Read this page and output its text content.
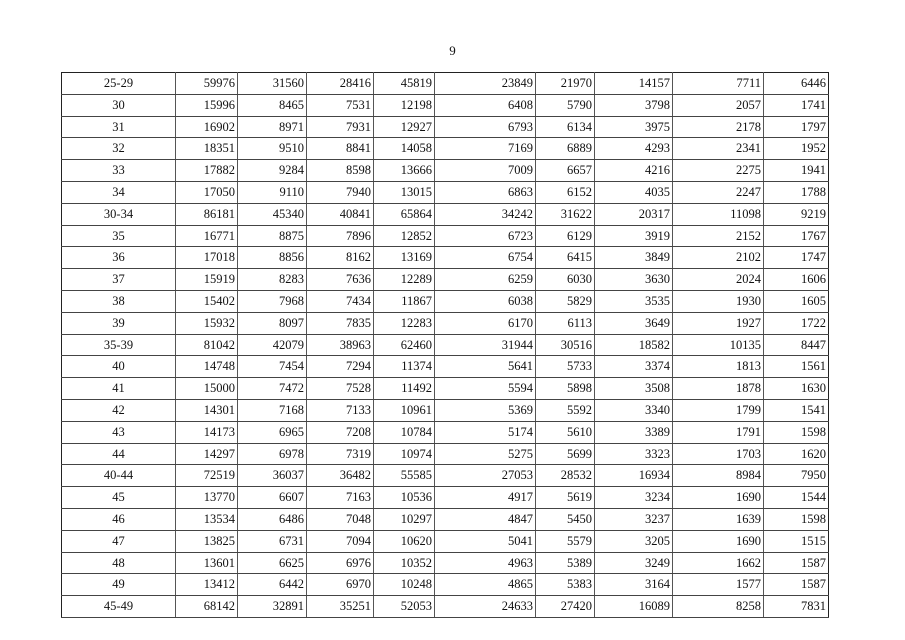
9
25-29	59976	31560	28416	45819	23849	21970	14157	7711	6446
30	15996	8465	7531	12198	6408	5790	3798	2057	1741
31	16902	8971	7931	12927	6793	6134	3975	2178	1797
32	18351	9510	8841	14058	7169	6889	4293	2341	1952
33	17882	9284	8598	13666	7009	6657	4216	2275	1941
34	17050	9110	7940	13015	6863	6152	4035	2247	1788
30-34	86181	45340	40841	65864	34242	31622	20317	11098	9219
35	16771	8875	7896	12852	6723	6129	3919	2152	1767
36	17018	8856	8162	13169	6754	6415	3849	2102	1747
37	15919	8283	7636	12289	6259	6030	3630	2024	1606
38	15402	7968	7434	11867	6038	5829	3535	1930	1605
39	15932	8097	7835	12283	6170	6113	3649	1927	1722
35-39	81042	42079	38963	62460	31944	30516	18582	10135	8447
40	14748	7454	7294	11374	5641	5733	3374	1813	1561
41	15000	7472	7528	11492	5594	5898	3508	1878	1630
42	14301	7168	7133	10961	5369	5592	3340	1799	1541
43	14173	6965	7208	10784	5174	5610	3389	1791	1598
44	14297	6978	7319	10974	5275	5699	3323	1703	1620
40-44	72519	36037	36482	55585	27053	28532	16934	8984	7950
45	13770	6607	7163	10536	4917	5619	3234	1690	1544
46	13534	6486	7048	10297	4847	5450	3237	1639	1598
47	13825	6731	7094	10620	5041	5579	3205	1690	1515
48	13601	6625	6976	10352	4963	5389	3249	1662	1587
49	13412	6442	6970	10248	4865	5383	3164	1577	1587
45-49	68142	32891	35251	52053	24633	27420	16089	8258	7831
